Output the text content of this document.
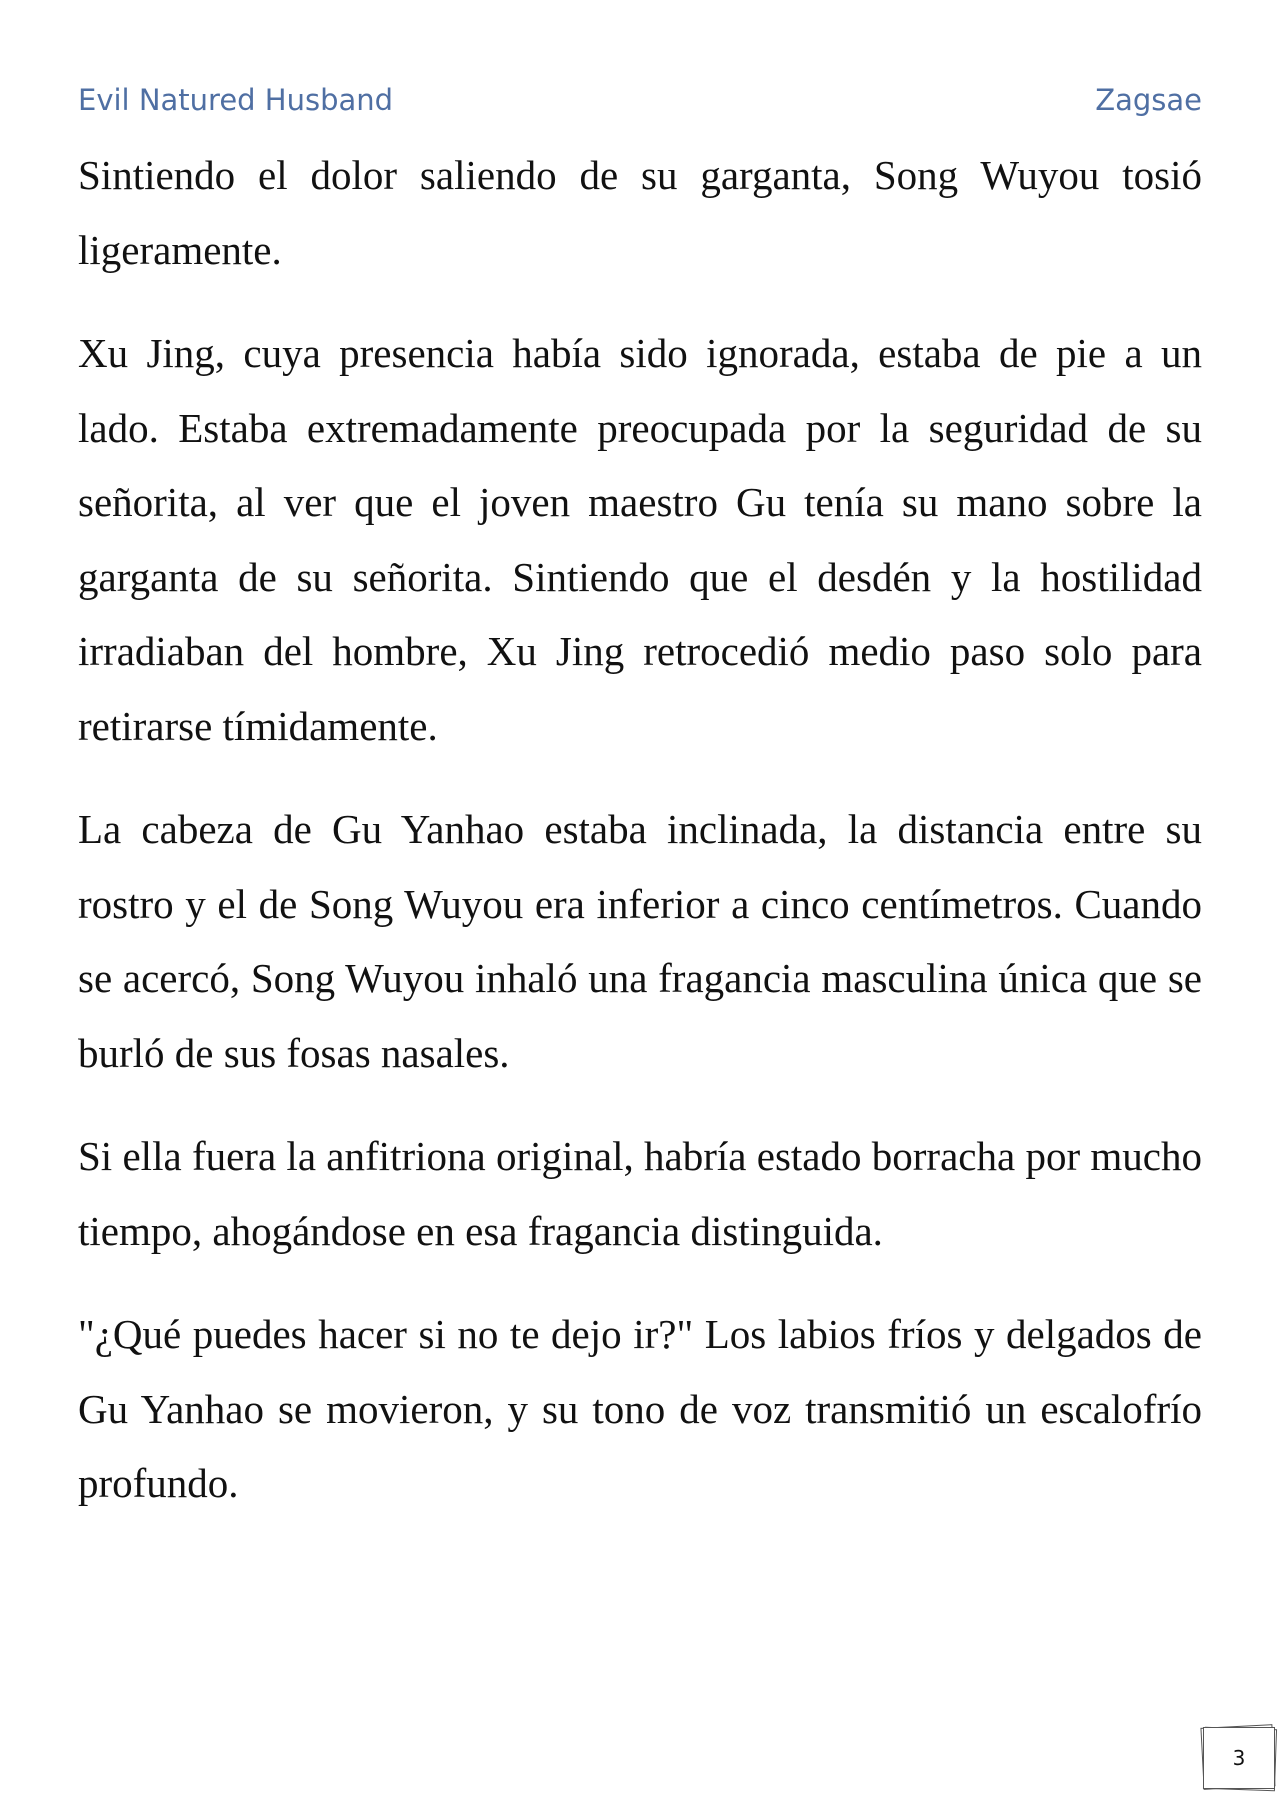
Evil Natured Husband	Zagsae

Sintiendo el dolor saliendo de su garganta, Song Wuyou tosió ligeramente.

Xu Jing, cuya presencia había sido ignorada, estaba de pie a un lado. Estaba extremadamente preocupada por la seguridad de su señorita, al ver que el joven maestro Gu tenía su mano sobre la garganta de su señorita. Sintiendo que el desdén y la hostilidad irradiaban del hombre, Xu Jing retrocedió medio paso solo para retirarse tímidamente.

La cabeza de Gu Yanhao estaba inclinada, la distancia entre su rostro y el de Song Wuyou era inferior a cinco centímetros. Cuando se acercó, Song Wuyou inhaló una fragancia masculina única que se burló de sus fosas nasales.

Si ella fuera la anfitriona original, habría estado borracha por mucho tiempo, ahogándose en esa fragancia distinguida.

"¿Qué puedes hacer si no te dejo ir?" Los labios fríos y delgados de Gu Yanhao se movieron, y su tono de voz transmitió un escalofrío profundo.

3
